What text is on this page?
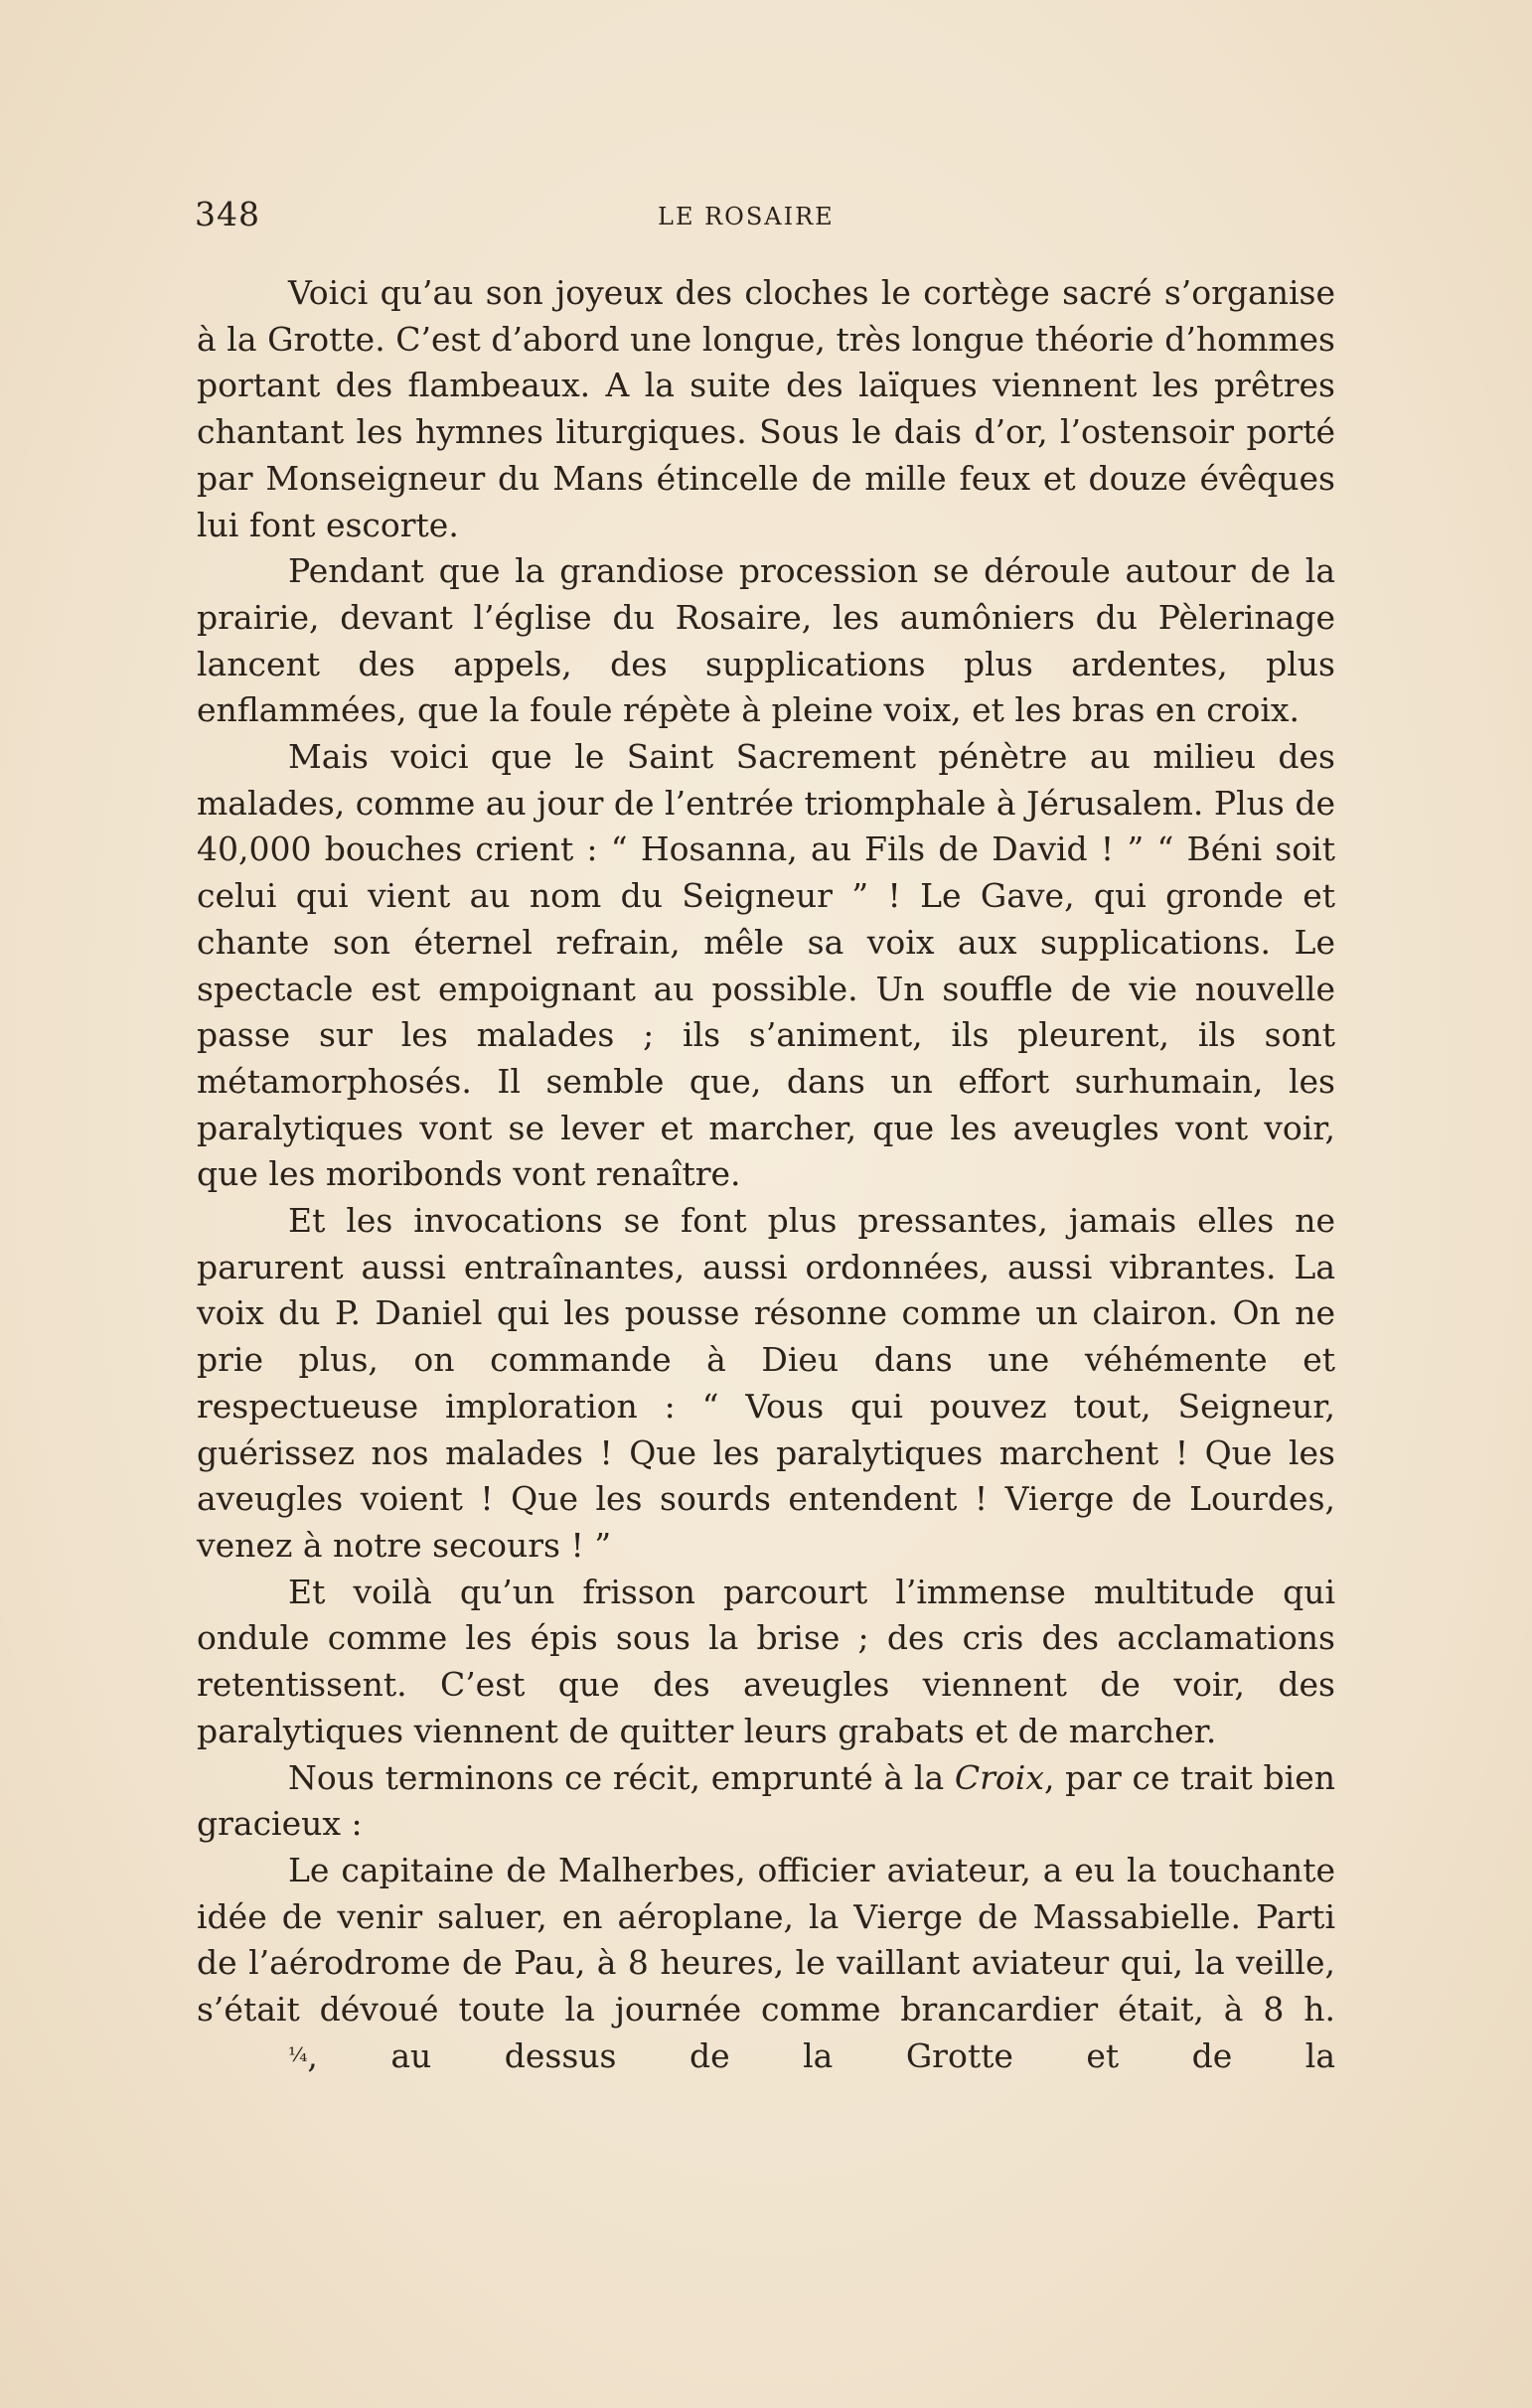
348	LE ROSAIRE

Voici qu’au son joyeux des cloches le cortège sacré s’organise à la Grotte. C’est d’abord une longue, très longue théorie d’hommes portant des flambeaux. A la suite des laïques viennent les prêtres chantant les hymnes liturgiques. Sous le dais d’or, l’ostensoir porté par Monseigneur du Mans étincelle de mille feux et douze évêques lui font escorte.

Pendant que la grandiose procession se déroule autour de la prairie, devant l’église du Rosaire, les aumôniers du Pèlerinage lancent des appels, des supplications plus ardentes, plus enflammées, que la foule répète à pleine voix, et les bras en croix.

Mais voici que le Saint Sacrement pénètre au milieu des malades, comme au jour de l’entrée triomphale à Jérusalem. Plus de 40,000 bouches crient : “ Hosanna, au Fils de David ! ” “ Béni soit celui qui vient au nom du Seigneur ” ! Le Gave, qui gronde et chante son éternel refrain, mêle sa voix aux supplications. Le spectacle est empoignant au possible. Un souffle de vie nouvelle passe sur les malades ; ils s’animent, ils pleurent, ils sont métamorphosés. Il semble que, dans un effort surhumain, les paralytiques vont se lever et marcher, que les aveugles vont voir, que les moribonds vont renaître.

Et les invocations se font plus pressantes, jamais elles ne parurent aussi entraînantes, aussi ordonnées, aussi vibrantes. La voix du P. Daniel qui les pousse résonne comme un clairon. On ne prie plus, on commande à Dieu dans une véhémente et respectueuse imploration : “ Vous qui pouvez tout, Seigneur, guérissez nos malades ! Que les paralytiques marchent ! Que les aveugles voient ! Que les sourds entendent ! Vierge de Lourdes, venez à notre secours ! ”

Et voilà qu’un frisson parcourt l’immense multitude qui ondule comme les épis sous la brise ; des cris des acclamations retentissent. C’est que des aveugles viennent de voir, des paralytiques viennent de quitter leurs grabats et de marcher.

Nous terminons ce récit, emprunté à la Croix, par ce trait bien gracieux :

Le capitaine de Malherbes, officier aviateur, a eu la touchante idée de venir saluer, en aéroplane, la Vierge de Massabielle. Parti de l’aérodrome de Pau, à 8 heures, le vaillant aviateur qui, la veille, s’était dévoué toute la journée comme brancardier était, à 8 h. ¼, au dessus de la Grotte et de la
